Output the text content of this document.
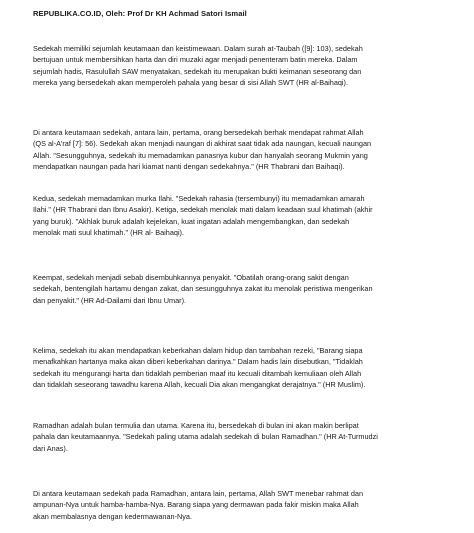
REPUBLIKA.CO.ID, Oleh: Prof Dr KH Achmad Satori Ismail
Sedekah memiliki sejumlah keutamaan dan keistimewaan. Dalam surah at-Taubah ([9]: 103), sedekah
bertujuan untuk membersihkan harta dan diri muzaki agar menjadi penenteram batin mereka. Dalam
sejumlah hadis, Rasulullah SAW menyatakan, sedekah itu merupakan bukti keimanan seseorang dan
mereka yang bersedekah akan memperoleh pahala yang besar di sisi Allah SWT (HR al-Baihaqi).
Di antara keutamaan sedekah, antara lain, pertama, orang bersedekah berhak mendapat rahmat Allah
(QS al-A'raf [7]: 56). Sedekah akan menjadi naungan di akhirat saat tidak ada naungan, kecuali naungan
Allah. "Sesungguhnya, sedekah itu memadamkan panasnya kubur dan hanyalah seorang Mukmin yang
mendapatkan naungan pada hari kiamat nanti dengan sedekahnya." (HR Thabrani dan Baihaqi).
Kedua, sedekah memadamkan murka Ilahi. "Sedekah rahasia (tersembunyi) itu memadamkan amarah
Ilahi." (HR Thabrani dan Ibnu Asakir). Ketiga, sedekah menolak mati dalam keadaan suul khatimah (akhir
yang buruk). "Akhlak buruk adalah kejelekan, kuat ingatan adalah mengembangkan, dan sedekah
menolak mati suul khatimah." (HR al- Baihaqi).
Keempat, sedekah menjadi sebab disembuhkannya penyakit. "Obatilah orang-orang sakit dengan
sedekah, bentengilah hartamu dengan zakat, dan sesungguhnya zakat itu menolak peristiwa mengerikan
dan penyakit." (HR Ad-Dailami dari Ibnu Umar).
Kelima, sedekah itu akan mendapatkan keberkahan dalam hidup dan tambahan rezeki, "Barang siapa
menafkahkan hartanya maka akan diberi keberkahan darinya." Dalam hadis lain disebutkan, "Tidaklah
sedekah itu mengurangi harta dan tidaklah pemberian maaf itu kecuali ditambah kemuliaan oleh Allah
dan tidaklah seseorang tawadhu karena Allah, kecuali Dia akan mengangkat derajatnya." (HR Muslim).
Ramadhan adalah bulan termulia dan utama. Karena itu, bersedekah di bulan ini akan makin berlipat
pahala dan keutamaannya. "Sedekah paling utama adalah sedekah di bulan Ramadhan." (HR At-Turmudzi
dari Anas).
Di antara keutamaan sedekah pada Ramadhan, antara lain, pertama, Allah SWT menebar rahmat dan
ampunan-Nya untuk hamba-hamba-Nya. Barang siapa yang dermawan pada fakir miskin maka Allah
akan membalasnya dengan kedermawanan-Nya.
